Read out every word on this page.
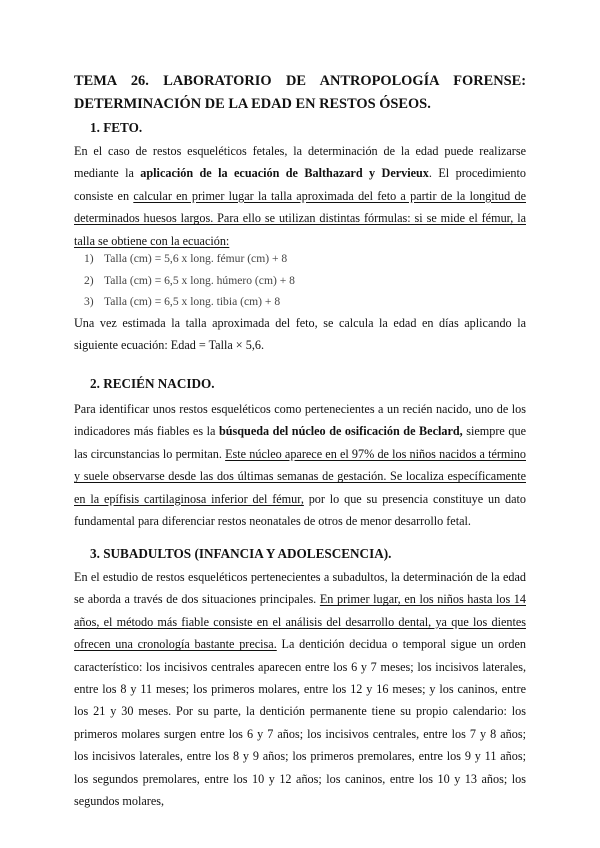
TEMA 26. LABORATORIO DE ANTROPOLOGÍA FORENSE: DETERMINACIÓN DE LA EDAD EN RESTOS ÓSEOS.
1. FETO.

En el caso de restos esqueléticos fetales, la determinación de la edad puede realizarse mediante la aplicación de la ecuación de Balthazard y Dervieux. El procedimiento consiste en calcular en primer lugar la talla aproximada del feto a partir de la longitud de determinados huesos largos. Para ello se utilizan distintas fórmulas: si se mide el fémur, la talla se obtiene con la ecuación:

1) Talla (cm) = 5,6 x long. fémur (cm) + 8
2) Talla (cm) = 6,5 x long. húmero (cm) + 8
3) Talla (cm) = 6,5 x long. tibia (cm) + 8

Una vez estimada la talla aproximada del feto, se calcula la edad en días aplicando la siguiente ecuación: Edad = Talla × 5,6.

2. RECIÉN NACIDO.

Para identificar unos restos esqueléticos como pertenecientes a un recién nacido, uno de los indicadores más fiables es la búsqueda del núcleo de osificación de Beclard, siempre que las circunstancias lo permitan. Este núcleo aparece en el 97% de los niños nacidos a término y suele observarse desde las dos últimas semanas de gestación. Se localiza específicamente en la epífisis cartilaginosa inferior del fémur, por lo que su presencia constituye un dato fundamental para diferenciar restos neonatales de otros de menor desarrollo fetal.

3. SUBADULTOS (INFANCIA Y ADOLESCENCIA).

En el estudio de restos esqueléticos pertenecientes a subadultos, la determinación de la edad se aborda a través de dos situaciones principales. En primer lugar, en los niños hasta los 14 años, el método más fiable consiste en el análisis del desarrollo dental, ya que los dientes ofrecen una cronología bastante precisa. La dentición decidua o temporal sigue un orden característico: los incisivos centrales aparecen entre los 6 y 7 meses; los incisivos laterales, entre los 8 y 11 meses; los primeros molares, entre los 12 y 16 meses; y los caninos, entre los 21 y 30 meses. Por su parte, la dentición permanente tiene su propio calendario: los primeros molares surgen entre los 6 y 7 años; los incisivos centrales, entre los 7 y 8 años; los incisivos laterales, entre los 8 y 9 años; los primeros premolares, entre los 9 y 11 años; los segundos premolares, entre los 10 y 12 años; los caninos, entre los 10 y 13 años; los segundos molares,
